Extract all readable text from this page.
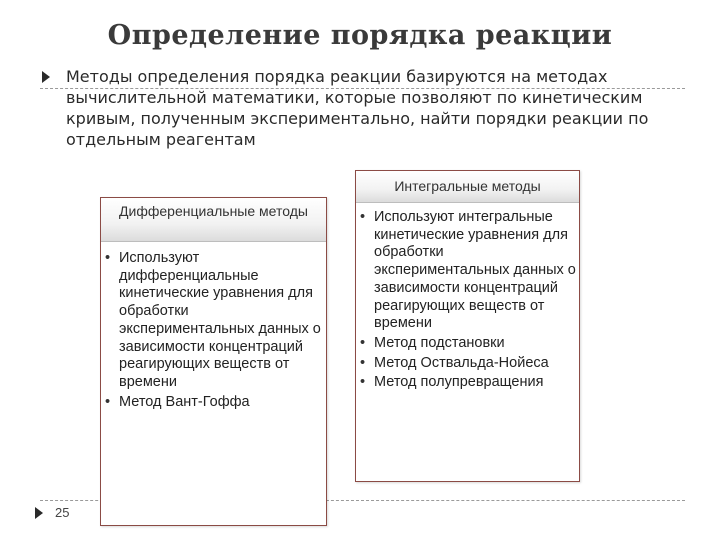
Определение порядка реакции
Методы определения порядка реакции базируются на методах вычислительной математики, которые позволяют по кинетическим кривым, полученным экспериментально, найти порядки реакции по отдельным реагентам
Дифференциальные методы
• Используют дифференциальные кинетические уравнения для обработки экспериментальных данных о зависимости концентраций реагирующих веществ от времени
• Метод Вант-Гоффа
Интегральные методы
• Используют интегральные кинетические уравнения для обработки экспериментальных данных о зависимости концентраций реагирующих веществ от времени
• Метод подстановки
• Метод Оствальда-Нойеса
• Метод полупревращения
25
